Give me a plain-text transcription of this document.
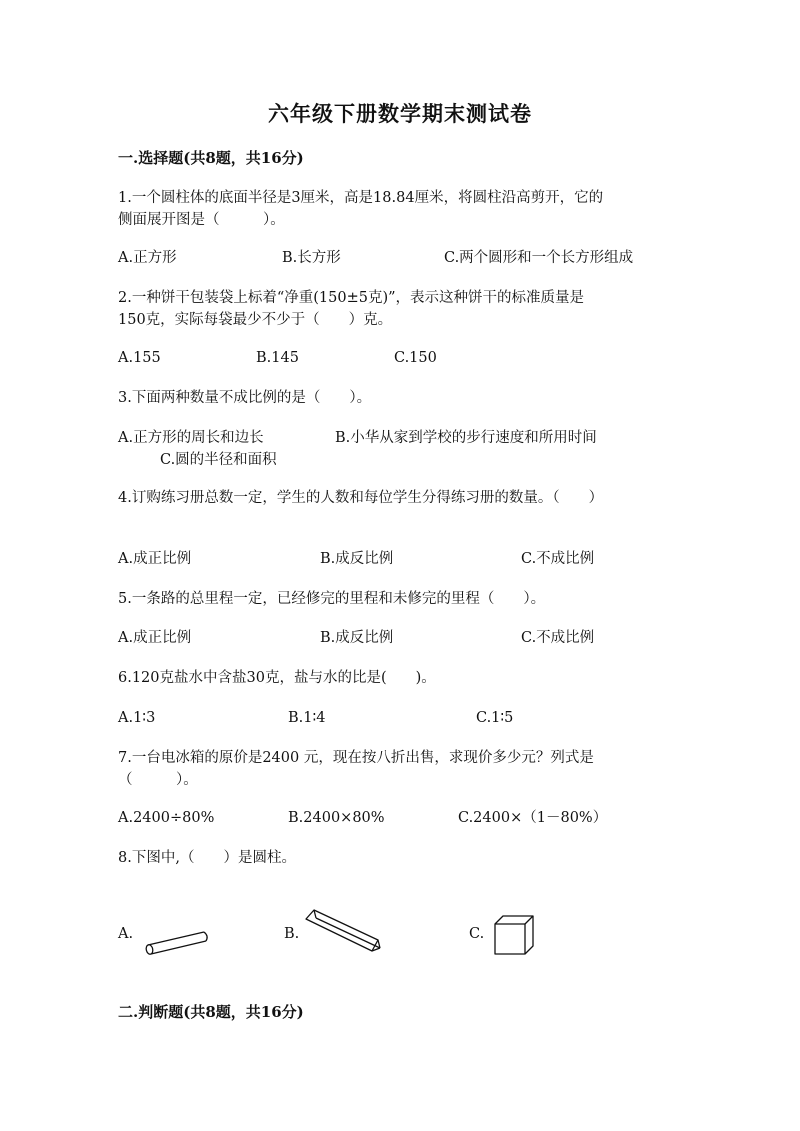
六年级下册数学期末测试卷
一.选择题(共8题，共16分)
1.一个圆柱体的底面半径是3厘米，高是18.84厘米，将圆柱沿高剪开，它的
侧面展开图是（　　　）。
A.正方形	B.长方形	C.两个圆形和一个长方形组成
2.一种饼干包装袋上标着“净重(150±5克)”，表示这种饼干的标准质量是
150克，实际每袋最少不少于（　　）克。
A.155	B.145	C.150
3.下面两种数量不成比例的是（　　）。
A.正方形的周长和边长	B.小华从家到学校的步行速度和所用时间
C.圆的半径和面积
4.订购练习册总数一定，学生的人数和每位学生分得练习册的数量。（　　）
A.成正比例	B.成反比例	C.不成比例
5.一条路的总里程一定，已经修完的里程和未修完的里程（　　）。
A.成正比例	B.成反比例	C.不成比例
6.120克盐水中含盐30克，盐与水的比是(　　)。
A.1∶3	B.1∶4	C.1∶5
7.一台电冰箱的原价是2400 元，现在按八折出售，求现价多少元？列式是
（　　　）。
A.2400÷80%	B.2400×80%	C.2400×（1－80%）
8.下图中,（　　）是圆柱。
A.	B.	C.
二.判断题(共8题，共16分)
